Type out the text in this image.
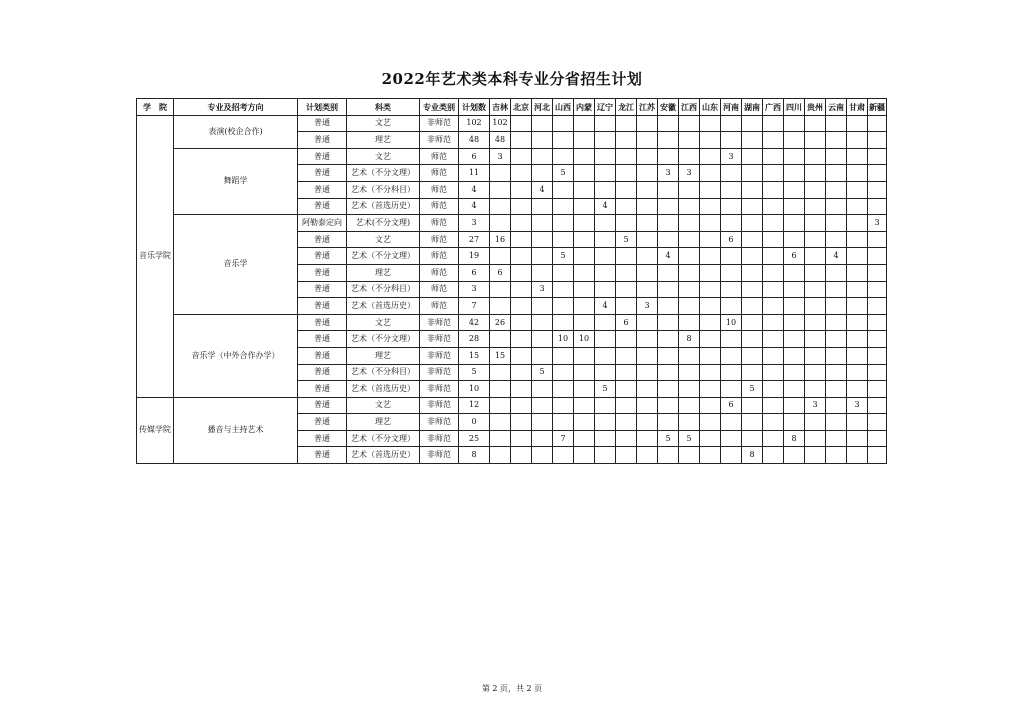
2022年艺术类本科专业分省招生计划
学　院	专业及招考方向	计划类别	科类	专业类别	计划数	吉林	北京	河北	山西	内蒙	辽宁	龙江	江苏	安徽	江西	山东	河南	湖南	广西	四川	贵州	云南	甘肃	新疆
音乐学院	表演(校企合作)	普通	文艺	非师范	102	102																		
		普通	理艺	非师范	48	48																		
	舞蹈学	普通	文艺	师范	6	3											3							
		普通	艺术（不分文理）	师范	11				5					3	3									
		普通	艺术（不分科目）	师范	4			4																
		普通	艺术（首选历史）	师范	4						4													
	音乐学	阿勒泰定向	艺术(不分文理)	师范	3																			3
		普通	文艺	师范	27	16						5					6							
		普通	艺术（不分文理）	师范	19				5					4						6		4		
		普通	理艺	师范	6	6																		
		普通	艺术（不分科目）	师范	3			3																
		普通	艺术（首选历史）	师范	7						4		3											
	音乐学（中外合作办学）	普通	文艺	非师范	42	26						6					10							
		普通	艺术（不分文理）	非师范	28				10	10					8									
		普通	理艺	非师范	15	15																		
		普通	艺术（不分科目）	非师范	5			5																
		普通	艺术（首选历史）	非师范	10						5							5						
传媒学院	播音与主持艺术	普通	文艺	非师范	12												6				3		3	
		普通	理艺	非师范	0																			
		普通	艺术（不分文理）	非师范	25				7					5	5					8				
		普通	艺术（首选历史）	非师范	8													8						
第 2 页，共 2 页
